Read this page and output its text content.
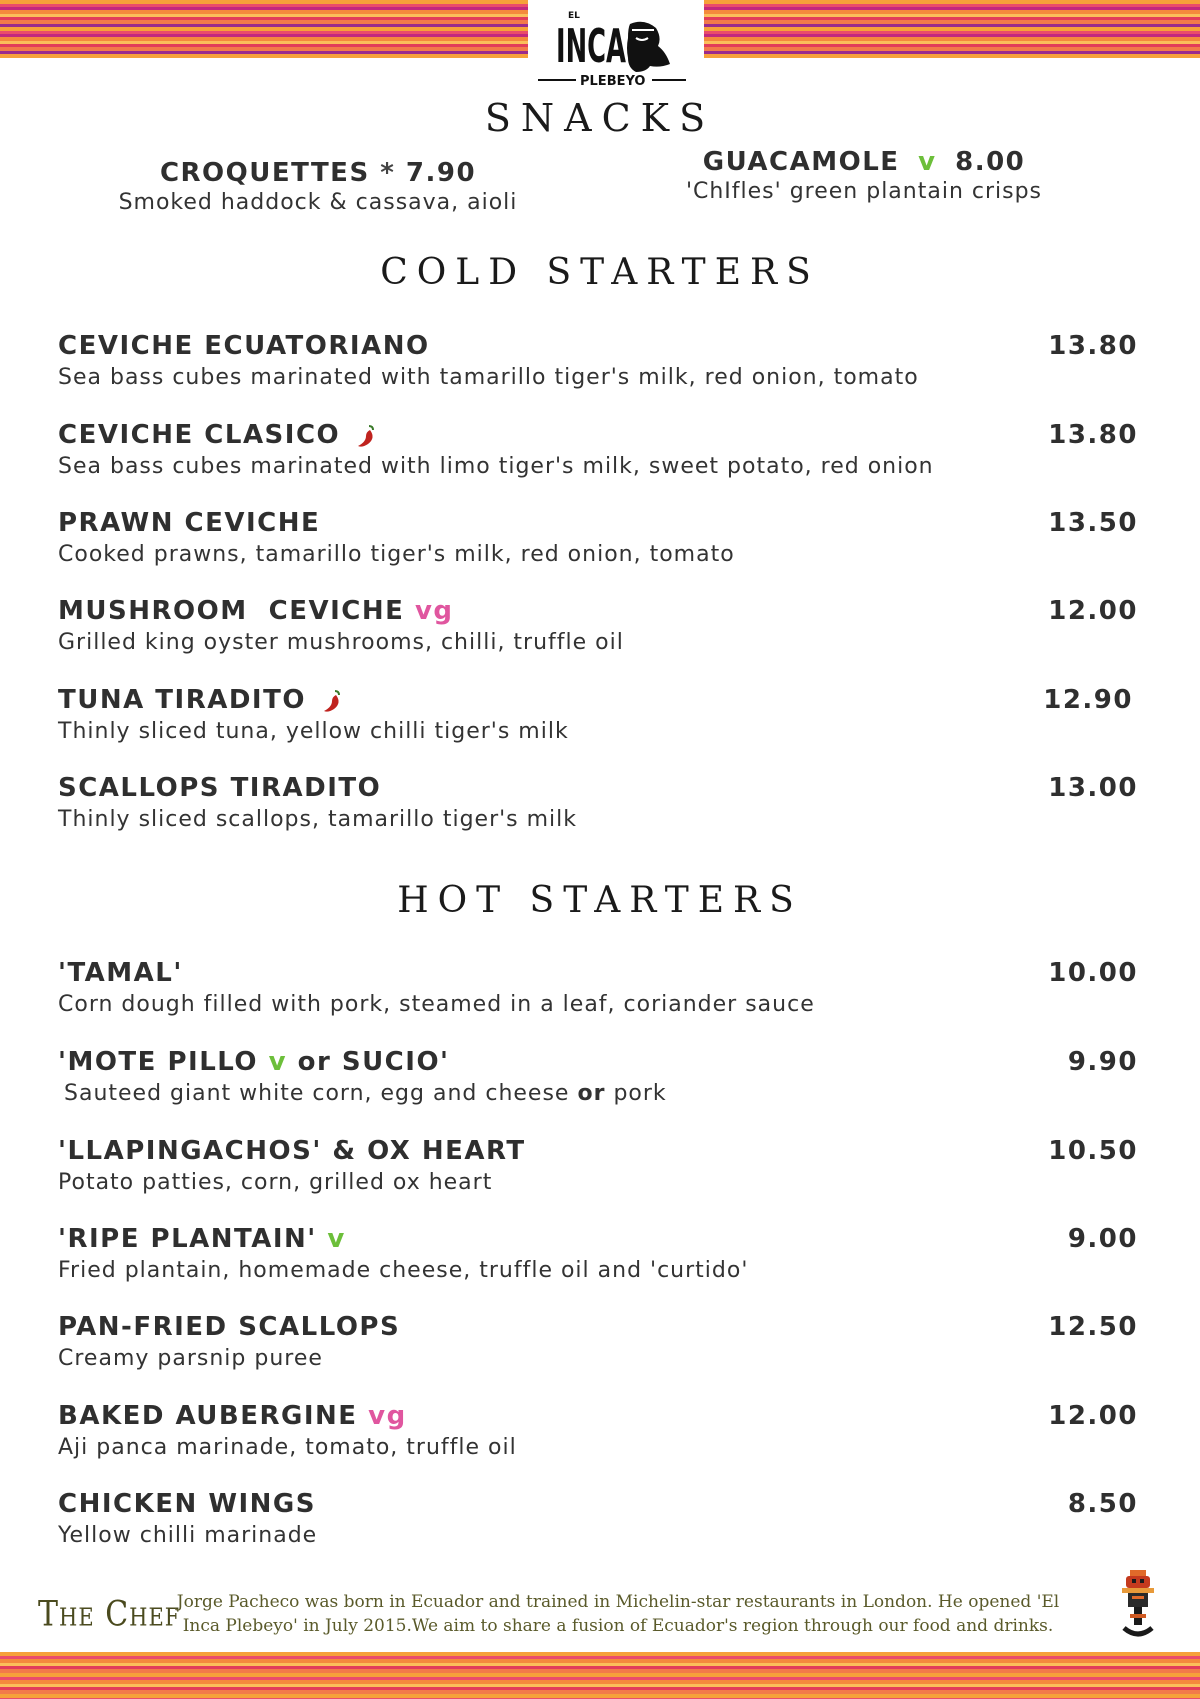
EL
INCA
PLEBEYO
SNACKS
CROQUETTES * 7.90
Smoked haddock & cassava, aioli
GUACAMOLE v 8.00
'ChIfles' green plantain crisps
COLD STARTERS
CEVICHE ECUATORIANO	13.80
Sea bass cubes marinated with tamarillo tiger's milk, red onion, tomato
CEVICHE CLASICO	13.80
Sea bass cubes marinated with limo tiger's milk, sweet potato, red onion
PRAWN CEVICHE	13.50
Cooked prawns, tamarillo tiger's milk, red onion, tomato
MUSHROOM  CEVICHE vg	12.00
Grilled king oyster mushrooms, chilli, truffle oil
TUNA TIRADITO	12.90
Thinly sliced tuna, yellow chilli tiger's milk
SCALLOPS TIRADITO	13.00
Thinly sliced scallops, tamarillo tiger's milk
HOT STARTERS
'TAMAL'	10.00
Corn dough filled with pork, steamed in a leaf, coriander sauce
'MOTE PILLO v or SUCIO'	9.90
Sauteed giant white corn, egg and cheese or pork
'LLAPINGACHOS' & OX HEART	10.50
Potato patties, corn, grilled ox heart
'RIPE PLANTAIN' v	9.00
Fried plantain, homemade cheese, truffle oil and 'curtido'
PAN-FRIED SCALLOPS	12.50
Creamy parsnip puree
BAKED AUBERGINE vg	12.00
Aji panca marinade, tomato, truffle oil
CHICKEN WINGS	8.50
Yellow chilli marinade
The Chef
Jorge Pacheco was born in Ecuador and trained in Michelin-star restaurants in London. He opened 'El Inca Plebeyo' in July 2015.We aim to share a fusion of Ecuador's region through our food and drinks.
